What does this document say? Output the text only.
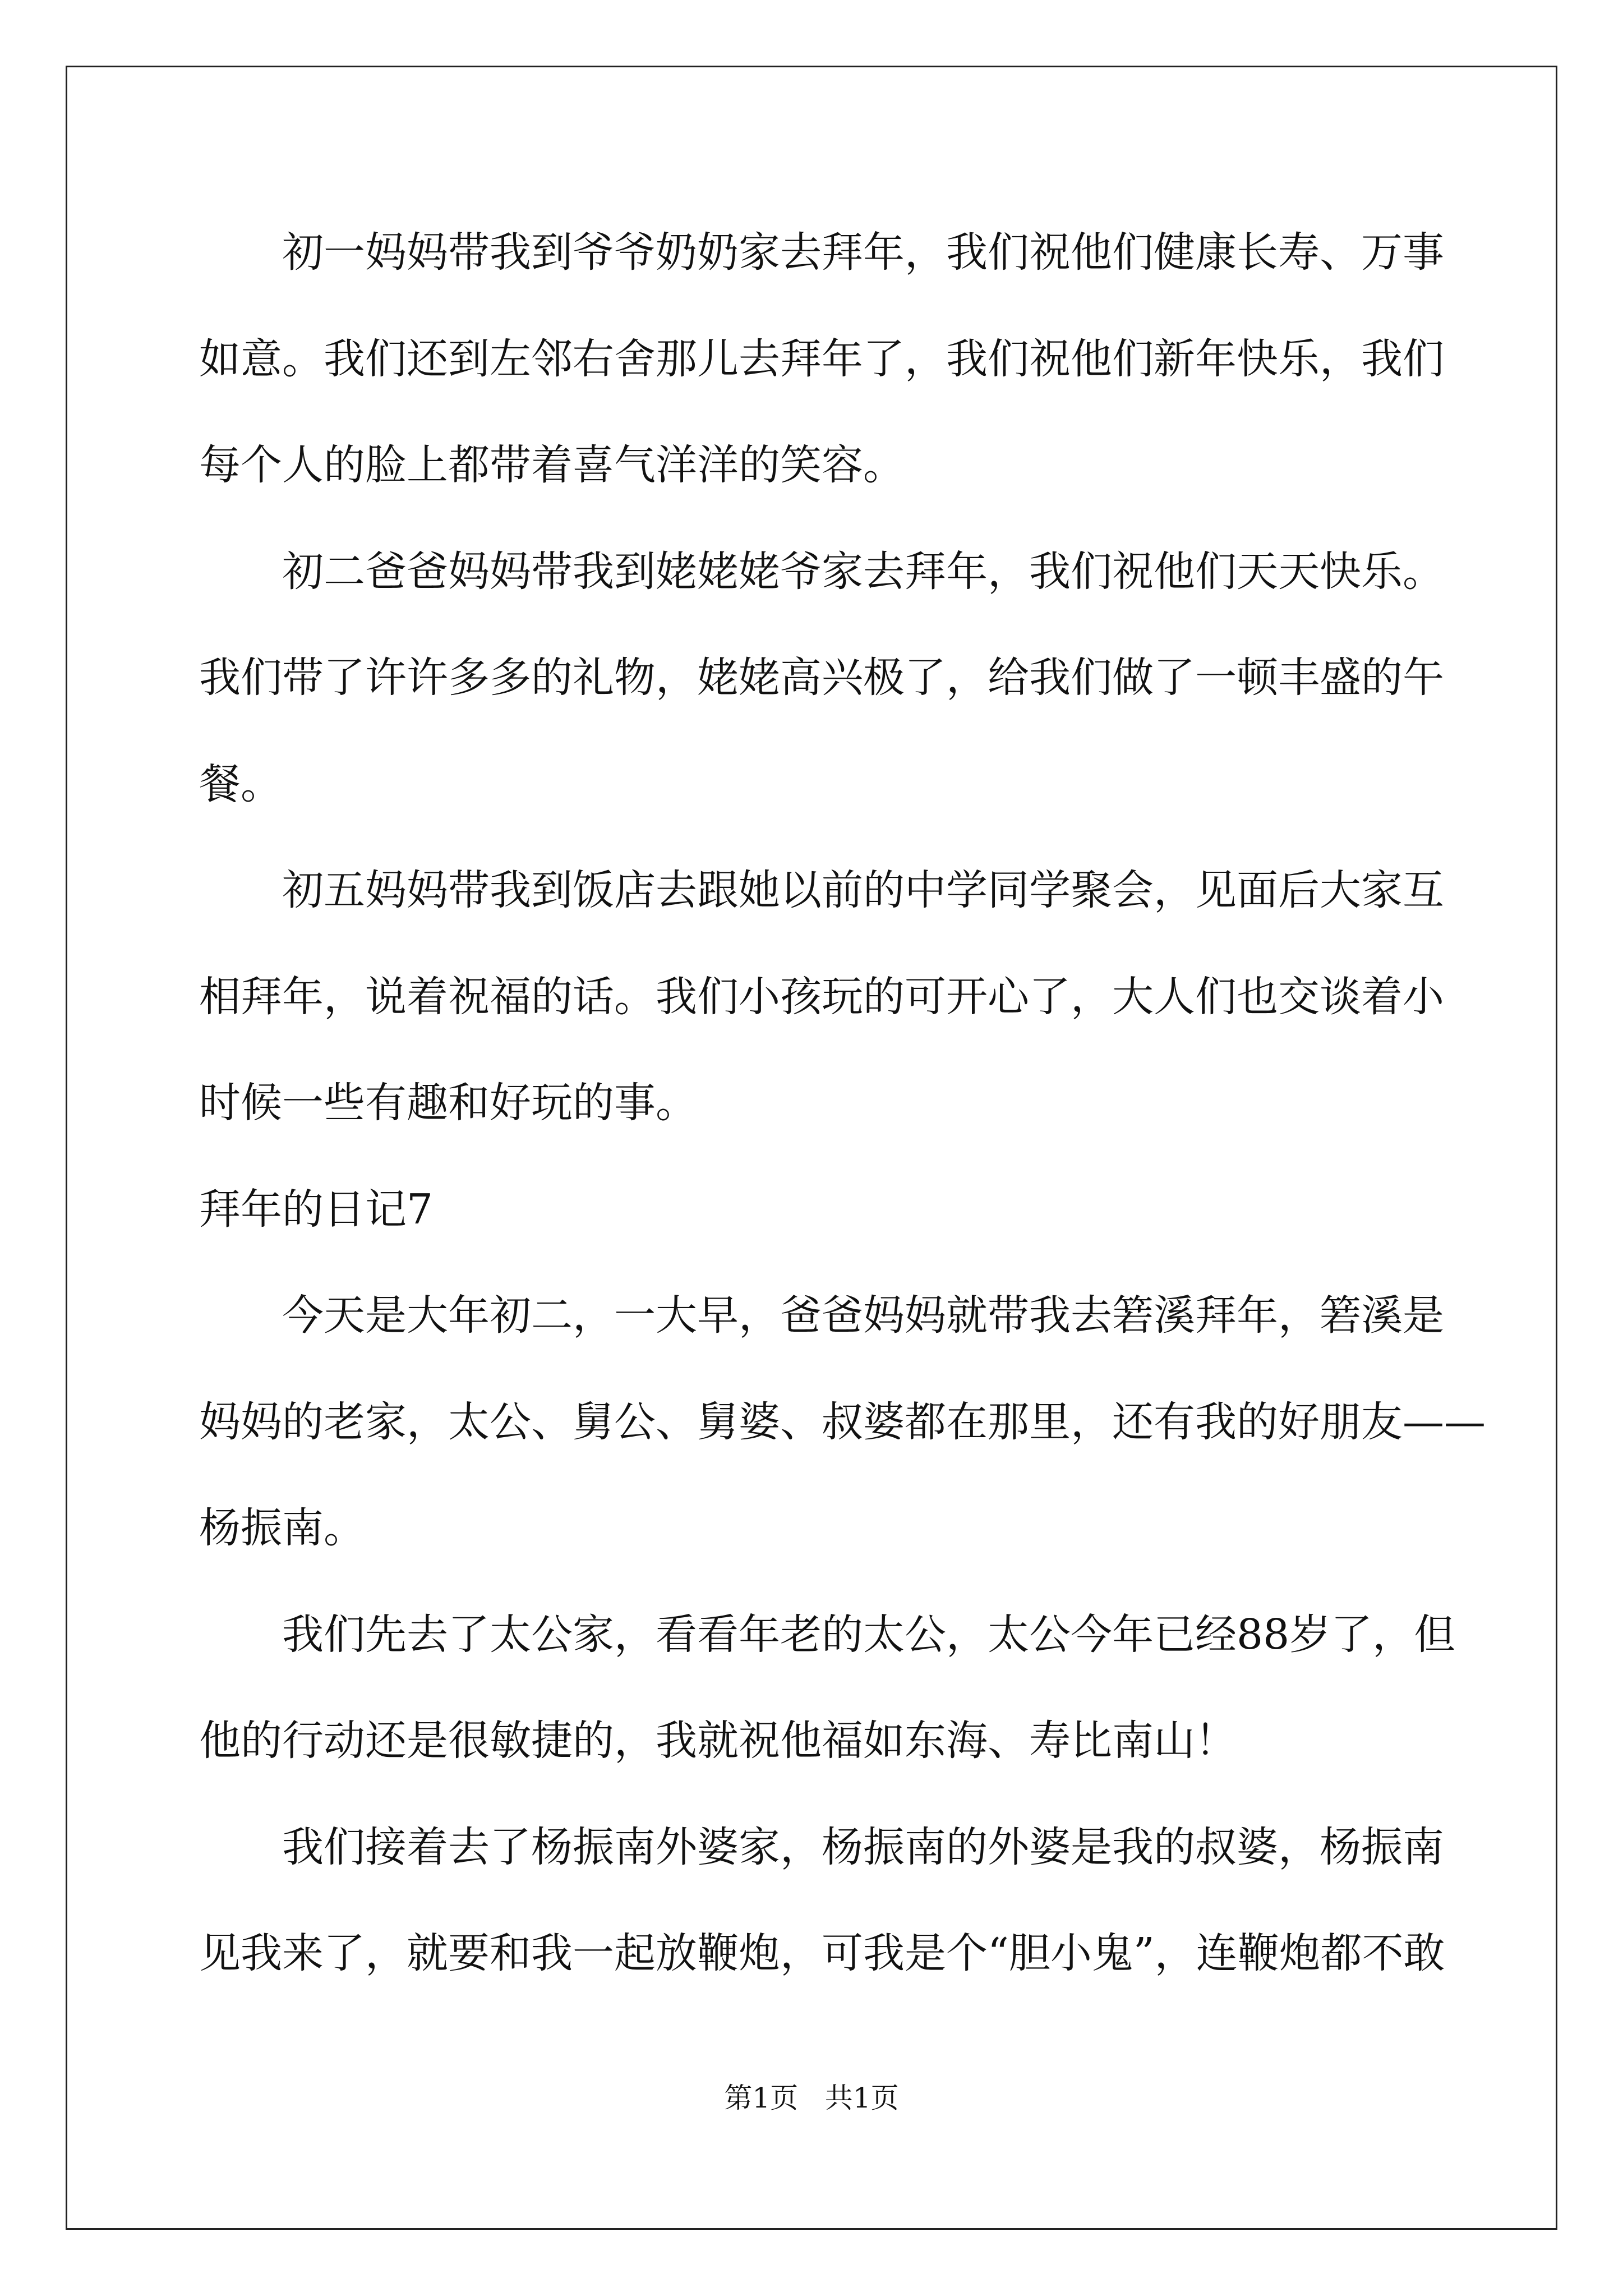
初一妈妈带我到爷爷奶奶家去拜年，我们祝他们健康长寿、万事
如意。我们还到左邻右舍那儿去拜年了，我们祝他们新年快乐，我们
每个人的脸上都带着喜气洋洋的笑容。
初二爸爸妈妈带我到姥姥姥爷家去拜年，我们祝他们天天快乐。
我们带了许许多多的礼物，姥姥高兴极了，给我们做了一顿丰盛的午
餐。
初五妈妈带我到饭店去跟她以前的中学同学聚会，见面后大家互
相拜年，说着祝福的话。我们小孩玩的可开心了，大人们也交谈着小
时候一些有趣和好玩的事。
拜年的日记7
今天是大年初二，一大早，爸爸妈妈就带我去箬溪拜年，箬溪是
妈妈的老家，太公、舅公、舅婆、叔婆都在那里，还有我的好朋友——
杨振南。
我们先去了太公家，看看年老的太公，太公今年已经88岁了，但
他的行动还是很敏捷的，我就祝他福如东海、寿比南山！
我们接着去了杨振南外婆家，杨振南的外婆是我的叔婆，杨振南
见我来了，就要和我一起放鞭炮，可我是个“胆小鬼”，连鞭炮都不敢
第1页 共1页
